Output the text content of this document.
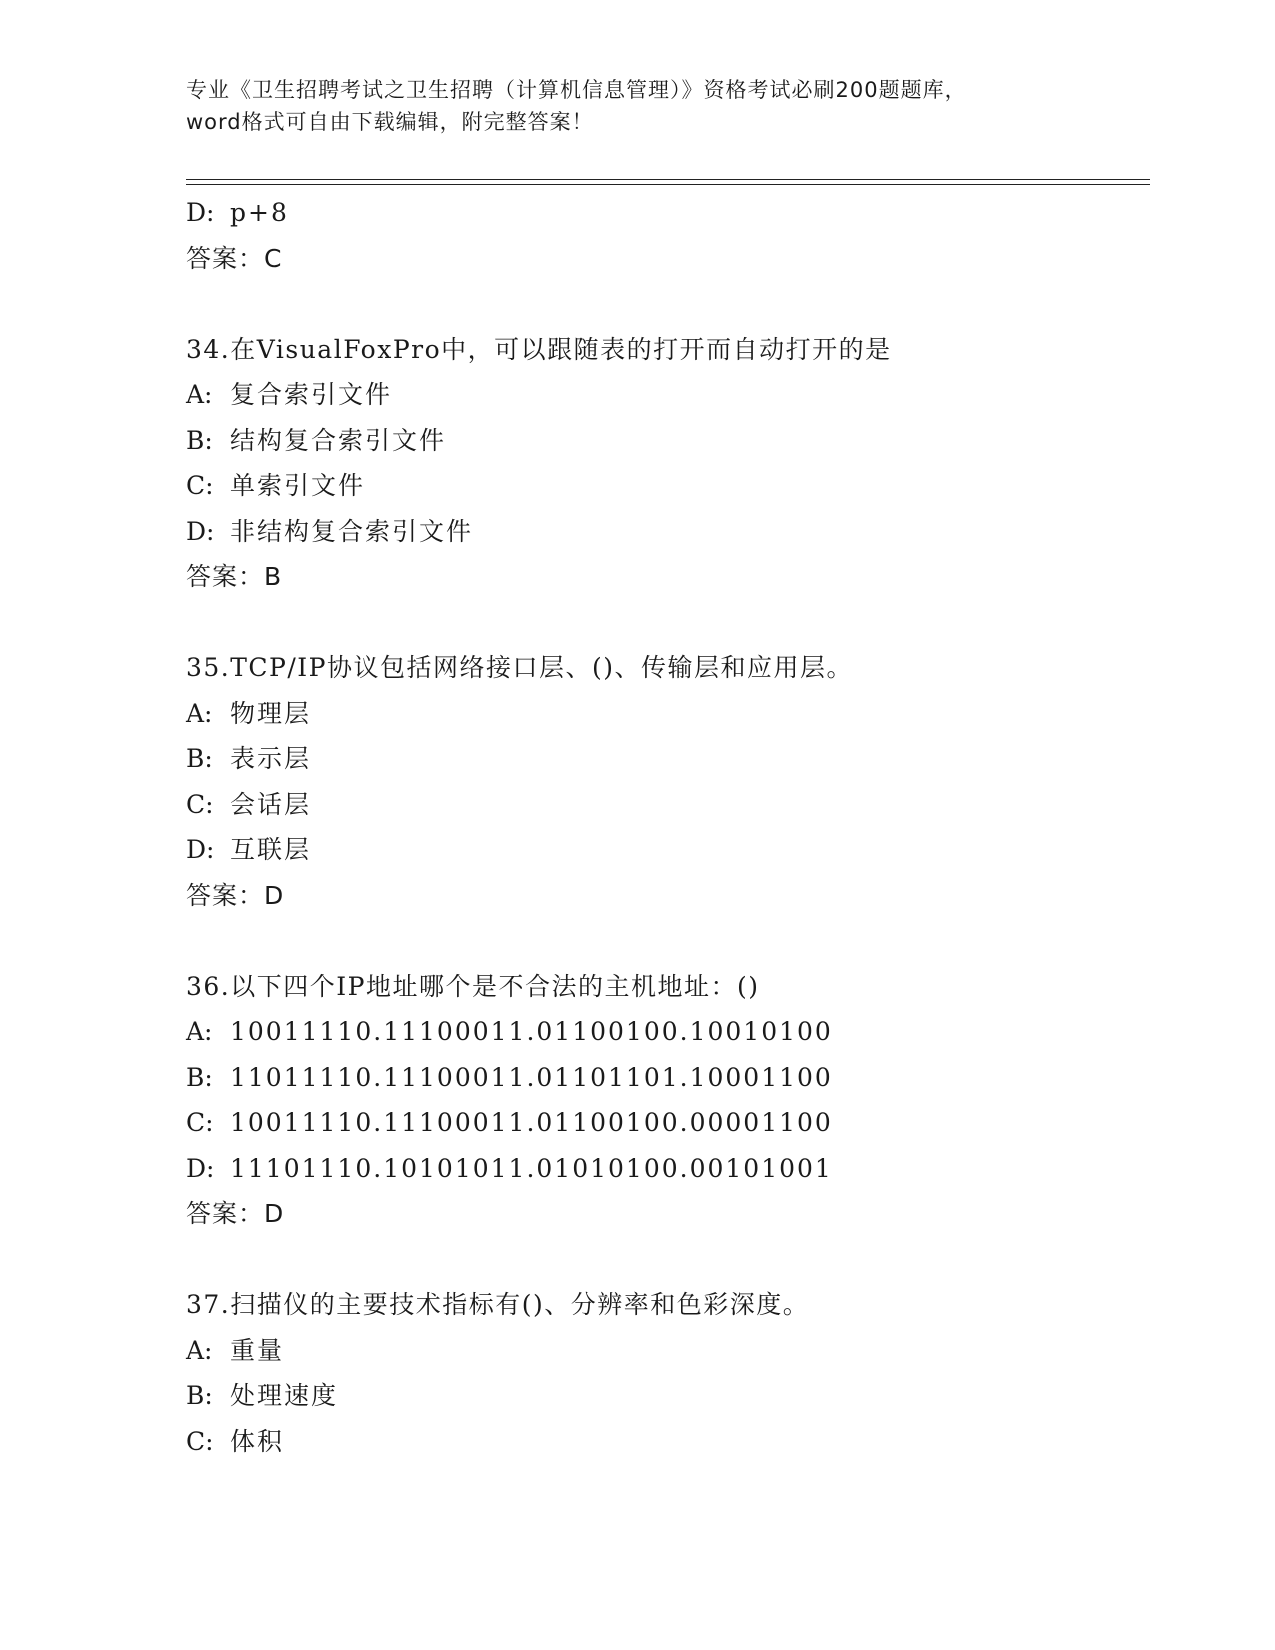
专业《卫生招聘考试之卫生招聘（计算机信息管理）》资格考试必刷200题题库，
word格式可自由下载编辑，附完整答案！
D: p+8
答案：C
34.在VisualFoxPro中，可以跟随表的打开而自动打开的是
A: 复合索引文件
B: 结构复合索引文件
C: 单索引文件
D: 非结构复合索引文件
答案：B
35.TCP/IP协议包括网络接口层、()、传输层和应用层。
A: 物理层
B: 表示层
C: 会话层
D: 互联层
答案：D
36.以下四个IP地址哪个是不合法的主机地址：()
A: 10011110.11100011.01100100.10010100
B: 11011110.11100011.01101101.10001100
C: 10011110.11100011.01100100.00001100
D: 11101110.10101011.01010100.00101001
答案：D
37.扫描仪的主要技术指标有()、分辨率和色彩深度。
A: 重量
B: 处理速度
C: 体积
